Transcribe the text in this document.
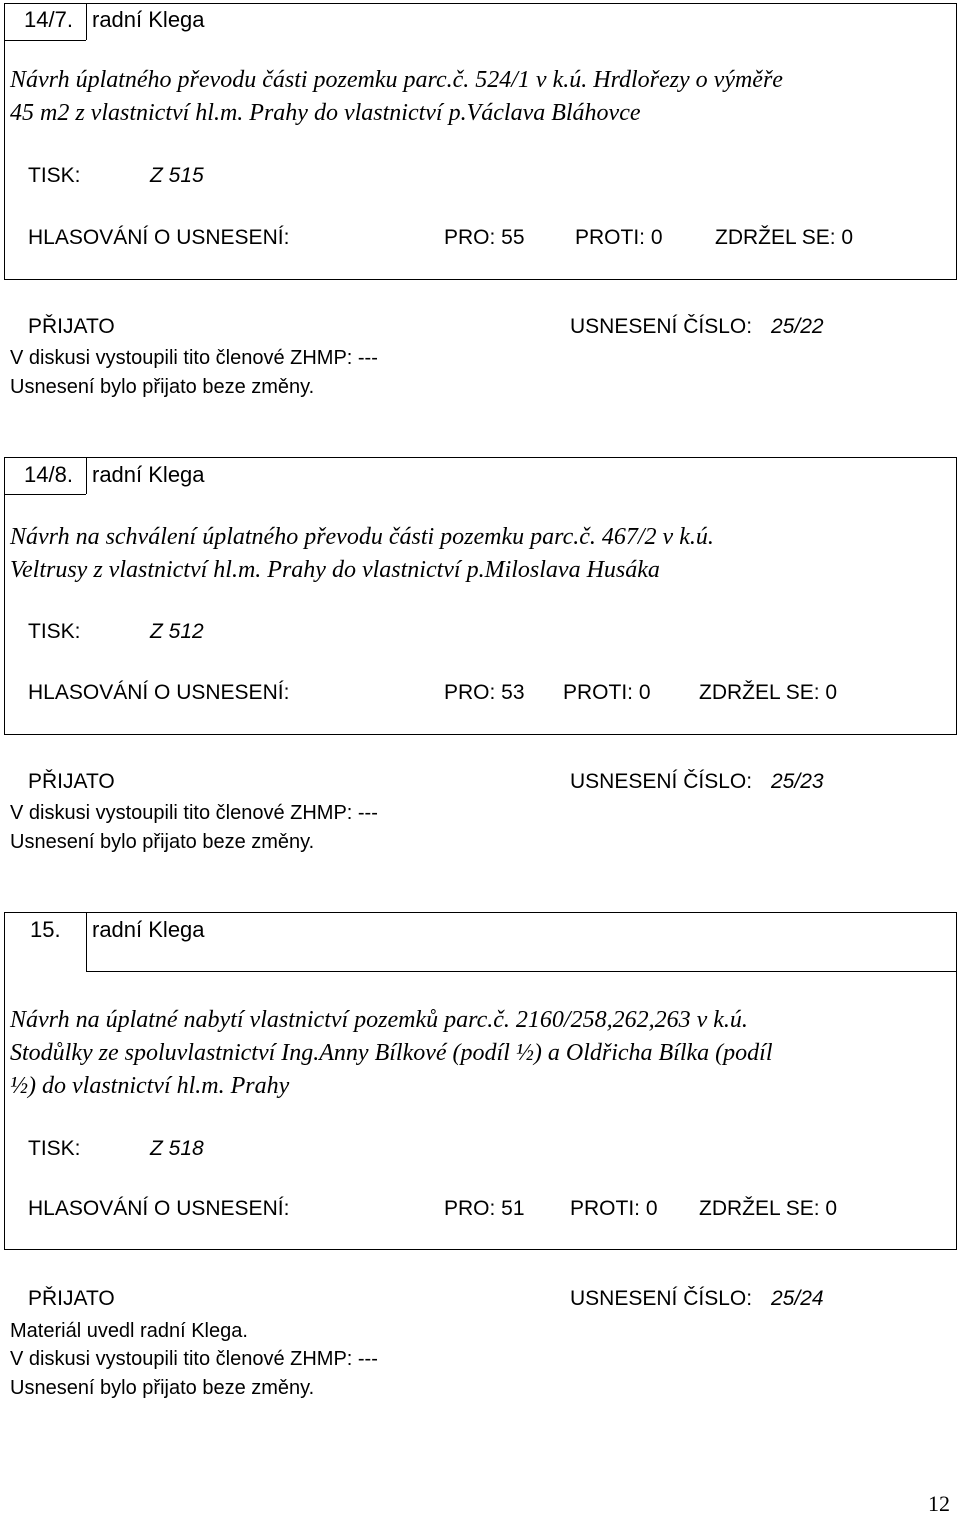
14/7. radní Klega
Návrh úplatného převodu části pozemku parc.č. 524/1 v k.ú. Hrdlořezy o výměře
45 m2 z vlastnictví hl.m. Prahy do vlastnictví p.Václava Bláhovce
TISK:	Z 515
HLASOVÁNÍ O USNESENÍ:	PRO: 55 PROTI: 0 ZDRŽEL SE: 0
PŘIJATO	USNESENÍ ČÍSLO: 25/22
V diskusi vystoupili tito členové ZHMP: ---
Usnesení bylo přijato beze změny.
14/8. radní Klega
Návrh na schválení úplatného převodu části pozemku parc.č. 467/2 v k.ú.
Veltrusy z vlastnictví hl.m. Prahy do vlastnictví p.Miloslava Husáka
TISK:	Z 512
HLASOVÁNÍ O USNESENÍ:	PRO: 53 PROTI: 0 ZDRŽEL SE: 0
PŘIJATO	USNESENÍ ČÍSLO: 25/23
V diskusi vystoupili tito členové ZHMP: ---
Usnesení bylo přijato beze změny.
15. radní Klega
Návrh na úplatné nabytí vlastnictví pozemků parc.č. 2160/258,262,263 v k.ú.
Stodůlky ze spoluvlastnictví Ing.Anny Bílkové (podíl ½) a Oldřicha Bílka (podíl
½) do vlastnictví hl.m. Prahy
TISK:	Z 518
HLASOVÁNÍ O USNESENÍ:	PRO: 51 PROTI: 0 ZDRŽEL SE: 0
PŘIJATO	USNESENÍ ČÍSLO: 25/24
Materiál uvedl radní Klega.
V diskusi vystoupili tito členové ZHMP: ---
Usnesení bylo přijato beze změny.
12
